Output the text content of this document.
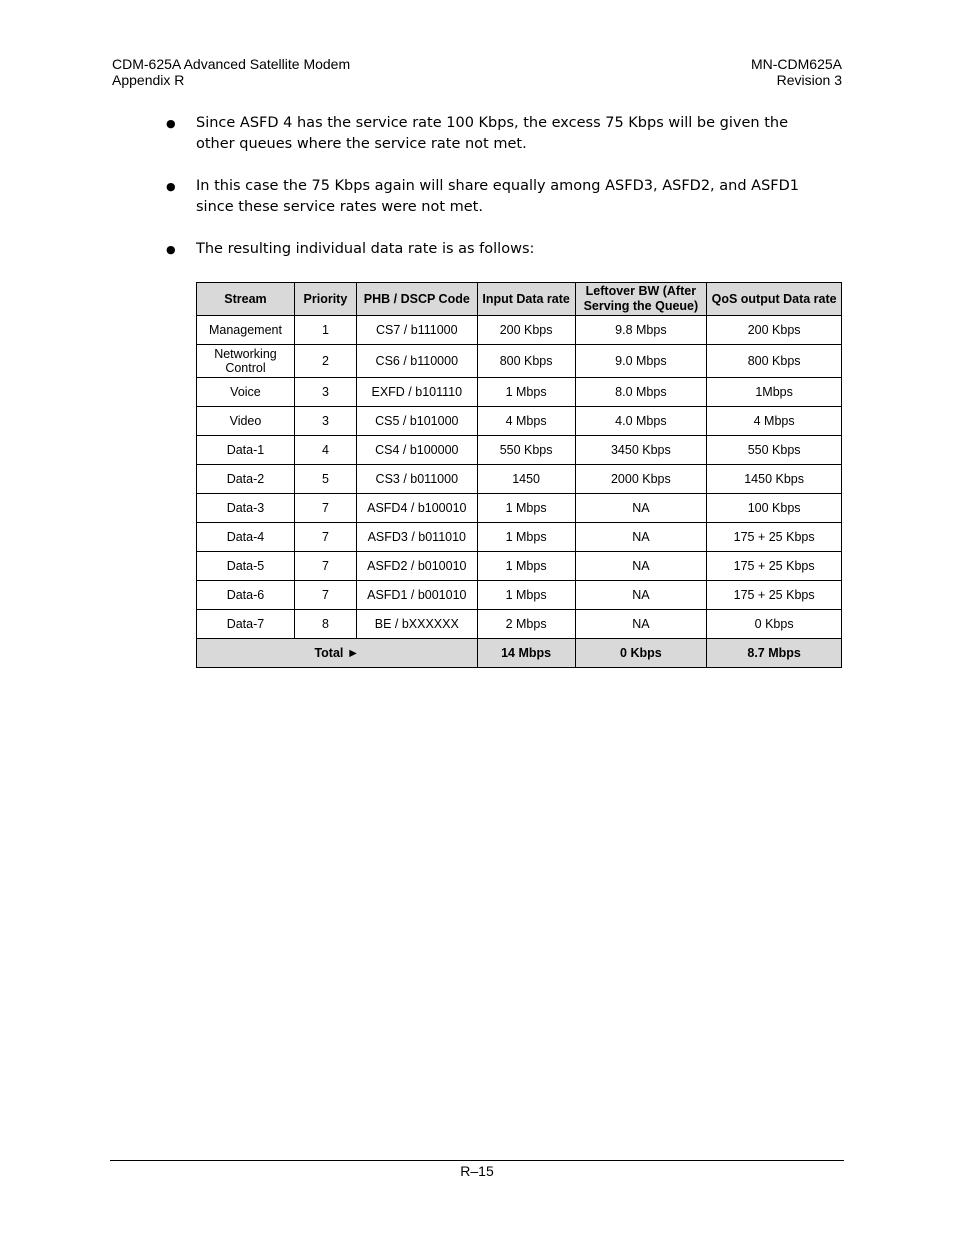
CDM-625A Advanced Satellite Modem
Appendix R
MN-CDM625A
Revision 3
●	Since ASFD 4 has the service rate 100 Kbps, the excess 75 Kbps will be given the other queues where the service rate not met.
●	In this case the 75 Kbps again will share equally among ASFD3, ASFD2, and ASFD1 since these service rates were not met.
●	The resulting individual data rate is as follows:
Stream	Priority	PHB / DSCP Code	Input Data rate	Leftover BW (After Serving the Queue)	QoS output Data rate
Management	1	CS7 / b111000	200 Kbps	9.8 Mbps	200 Kbps
Networking Control	2	CS6 / b110000	800 Kbps	9.0 Mbps	800 Kbps
Voice	3	EXFD / b101110	1 Mbps	8.0 Mbps	1Mbps
Video	3	CS5 / b101000	4 Mbps	4.0 Mbps	4 Mbps
Data-1	4	CS4 / b100000	550 Kbps	3450 Kbps	550 Kbps
Data-2	5	CS3 / b011000	1450	2000 Kbps	1450 Kbps
Data-3	7	ASFD4 / b100010	1 Mbps	NA	100 Kbps
Data-4	7	ASFD3 / b011010	1 Mbps	NA	175 + 25 Kbps
Data-5	7	ASFD2 / b010010	1 Mbps	NA	175 + 25 Kbps
Data-6	7	ASFD1 / b001010	1 Mbps	NA	175 + 25 Kbps
Data-7	8	BE / bXXXXXX	2 Mbps	NA	0 Kbps
Total ►			14 Mbps	0 Kbps	8.7 Mbps
R–15
